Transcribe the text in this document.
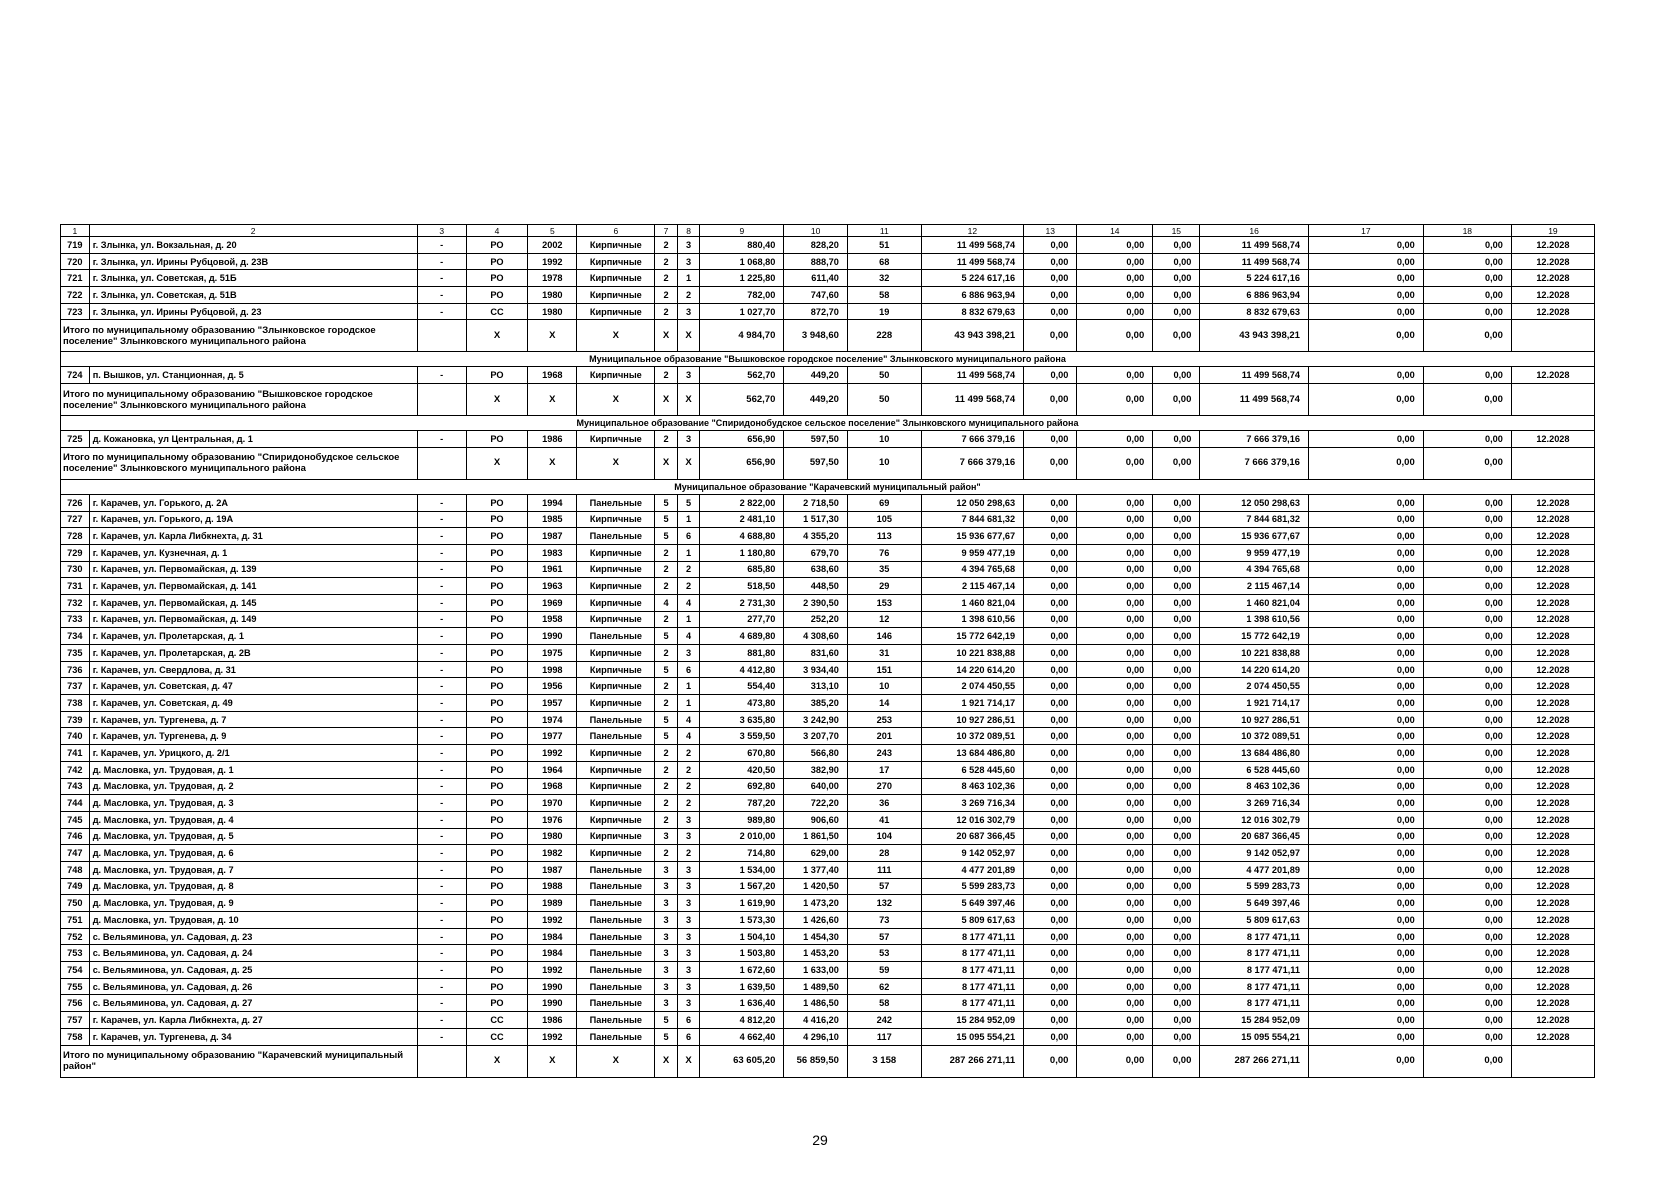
1	2	3	4	5	6	7	8	9	10	11	12	13	14	15	16	17	18	19
719	г. Злынка, ул. Вокзальная, д. 20	-	РО	2002	Кирпичные	2	3	880,40	828,20	51	11 499 568,74	0,00	0,00	0,00	11 499 568,74	0,00	0,00	12.2028
720	г. Злынка, ул. Ирины Рубцовой, д. 23В	-	РО	1992	Кирпичные	2	3	1 068,80	888,70	68	11 499 568,74	0,00	0,00	0,00	11 499 568,74	0,00	0,00	12.2028
721	г. Злынка, ул. Советская, д. 51Б	-	РО	1978	Кирпичные	2	1	1 225,80	611,40	32	5 224 617,16	0,00	0,00	0,00	5 224 617,16	0,00	0,00	12.2028
722	г. Злынка, ул. Советская, д. 51В	-	РО	1980	Кирпичные	2	2	782,00	747,60	58	6 886 963,94	0,00	0,00	0,00	6 886 963,94	0,00	0,00	12.2028
723	г. Злынка, ул. Ирины Рубцовой, д. 23	-	СС	1980	Кирпичные	2	3	1 027,70	872,70	19	8 832 679,63	0,00	0,00	0,00	8 832 679,63	0,00	0,00	12.2028
Итого по муниципальному образованию "Злынковское городское поселение" Злынковского муниципального района			X	X	X	X	X	4 984,70	3 948,60	228	43 943 398,21	0,00	0,00	0,00	43 943 398,21	0,00	0,00	
Муниципальное образование "Вышковское городское поселение" Злынковского муниципального района																		
724	п. Вышков, ул. Станционная, д. 5	-	РО	1968	Кирпичные	2	3	562,70	449,20	50	11 499 568,74	0,00	0,00	0,00	11 499 568,74	0,00	0,00	12.2028
Итого по муниципальному образованию "Вышковское городское поселение" Злынковского муниципального района			X	X	X	X	X	562,70	449,20	50	11 499 568,74	0,00	0,00	0,00	11 499 568,74	0,00	0,00	
Муниципальное образование "Спиридонобудское сельское поселение" Злынковского муниципального района																		
725	д. Кожановка, ул Центральная, д. 1	-	РО	1986	Кирпичные	2	3	656,90	597,50	10	7 666 379,16	0,00	0,00	0,00	7 666 379,16	0,00	0,00	12.2028
Итого по муниципальному образованию "Спиридонобудское сельское поселение" Злынковского муниципального района			X	X	X	X	X	656,90	597,50	10	7 666 379,16	0,00	0,00	0,00	7 666 379,16	0,00	0,00	
Муниципальное образование "Карачевский муниципальный район"																		
726	г. Карачев, ул. Горького, д. 2А	-	РО	1994	Панельные	5	5	2 822,00	2 718,50	69	12 050 298,63	0,00	0,00	0,00	12 050 298,63	0,00	0,00	12.2028
727	г. Карачев, ул. Горького, д. 19А	-	РО	1985	Кирпичные	5	1	2 481,10	1 517,30	105	7 844 681,32	0,00	0,00	0,00	7 844 681,32	0,00	0,00	12.2028
728	г. Карачев, ул. Карла Либкнехта, д. 31	-	РО	1987	Панельные	5	6	4 688,80	4 355,20	113	15 936 677,67	0,00	0,00	0,00	15 936 677,67	0,00	0,00	12.2028
729	г. Карачев, ул. Кузнечная, д. 1	-	РО	1983	Кирпичные	2	1	1 180,80	679,70	76	9 959 477,19	0,00	0,00	0,00	9 959 477,19	0,00	0,00	12.2028
730	г. Карачев, ул. Первомайская, д. 139	-	РО	1961	Кирпичные	2	2	685,80	638,60	35	4 394 765,68	0,00	0,00	0,00	4 394 765,68	0,00	0,00	12.2028
731	г. Карачев, ул. Первомайская, д. 141	-	РО	1963	Кирпичные	2	2	518,50	448,50	29	2 115 467,14	0,00	0,00	0,00	2 115 467,14	0,00	0,00	12.2028
732	г. Карачев, ул. Первомайская, д. 145	-	РО	1969	Кирпичные	4	4	2 731,30	2 390,50	153	1 460 821,04	0,00	0,00	0,00	1 460 821,04	0,00	0,00	12.2028
733	г. Карачев, ул. Первомайская, д. 149	-	РО	1958	Кирпичные	2	1	277,70	252,20	12	1 398 610,56	0,00	0,00	0,00	1 398 610,56	0,00	0,00	12.2028
734	г. Карачев, ул. Пролетарская, д. 1	-	РО	1990	Панельные	5	4	4 689,80	4 308,60	146	15 772 642,19	0,00	0,00	0,00	15 772 642,19	0,00	0,00	12.2028
735	г. Карачев, ул. Пролетарская, д. 2В	-	РО	1975	Кирпичные	2	3	881,80	831,60	31	10 221 838,88	0,00	0,00	0,00	10 221 838,88	0,00	0,00	12.2028
736	г. Карачев, ул. Свердлова, д. 31	-	РО	1998	Кирпичные	5	6	4 412,80	3 934,40	151	14 220 614,20	0,00	0,00	0,00	14 220 614,20	0,00	0,00	12.2028
737	г. Карачев, ул. Советская, д. 47	-	РО	1956	Кирпичные	2	1	554,40	313,10	10	2 074 450,55	0,00	0,00	0,00	2 074 450,55	0,00	0,00	12.2028
738	г. Карачев, ул. Советская, д. 49	-	РО	1957	Кирпичные	2	1	473,80	385,20	14	1 921 714,17	0,00	0,00	0,00	1 921 714,17	0,00	0,00	12.2028
739	г. Карачев, ул. Тургенева, д. 7	-	РО	1974	Панельные	5	4	3 635,80	3 242,90	253	10 927 286,51	0,00	0,00	0,00	10 927 286,51	0,00	0,00	12.2028
740	г. Карачев, ул. Тургенева, д. 9	-	РО	1977	Панельные	5	4	3 559,50	3 207,70	201	10 372 089,51	0,00	0,00	0,00	10 372 089,51	0,00	0,00	12.2028
741	г. Карачев, ул. Урицкого, д. 2/1	-	РО	1992	Кирпичные	2	2	670,80	566,80	243	13 684 486,80	0,00	0,00	0,00	13 684 486,80	0,00	0,00	12.2028
742	д. Масловка, ул. Трудовая, д. 1	-	РО	1964	Кирпичные	2	2	420,50	382,90	17	6 528 445,60	0,00	0,00	0,00	6 528 445,60	0,00	0,00	12.2028
743	д. Масловка, ул. Трудовая, д. 2	-	РО	1968	Кирпичные	2	2	692,80	640,00	270	8 463 102,36	0,00	0,00	0,00	8 463 102,36	0,00	0,00	12.2028
744	д. Масловка, ул. Трудовая, д. 3	-	РО	1970	Кирпичные	2	2	787,20	722,20	36	3 269 716,34	0,00	0,00	0,00	3 269 716,34	0,00	0,00	12.2028
745	д. Масловка, ул. Трудовая, д. 4	-	РО	1976	Кирпичные	2	3	989,80	906,60	41	12 016 302,79	0,00	0,00	0,00	12 016 302,79	0,00	0,00	12.2028
746	д. Масловка, ул. Трудовая, д. 5	-	РО	1980	Кирпичные	3	3	2 010,00	1 861,50	104	20 687 366,45	0,00	0,00	0,00	20 687 366,45	0,00	0,00	12.2028
747	д. Масловка, ул. Трудовая, д. 6	-	РО	1982	Кирпичные	2	2	714,80	629,00	28	9 142 052,97	0,00	0,00	0,00	9 142 052,97	0,00	0,00	12.2028
748	д. Масловка, ул. Трудовая, д. 7	-	РО	1987	Панельные	3	3	1 534,00	1 377,40	111	4 477 201,89	0,00	0,00	0,00	4 477 201,89	0,00	0,00	12.2028
749	д. Масловка, ул. Трудовая, д. 8	-	РО	1988	Панельные	3	3	1 567,20	1 420,50	57	5 599 283,73	0,00	0,00	0,00	5 599 283,73	0,00	0,00	12.2028
750	д. Масловка, ул. Трудовая, д. 9	-	РО	1989	Панельные	3	3	1 619,90	1 473,20	132	5 649 397,46	0,00	0,00	0,00	5 649 397,46	0,00	0,00	12.2028
751	д. Масловка, ул. Трудовая, д. 10	-	РО	1992	Панельные	3	3	1 573,30	1 426,60	73	5 809 617,63	0,00	0,00	0,00	5 809 617,63	0,00	0,00	12.2028
752	с. Вельяминова, ул. Садовая, д. 23	-	РО	1984	Панельные	3	3	1 504,10	1 454,30	57	8 177 471,11	0,00	0,00	0,00	8 177 471,11	0,00	0,00	12.2028
753	с. Вельяминова, ул. Садовая, д. 24	-	РО	1984	Панельные	3	3	1 503,80	1 453,20	53	8 177 471,11	0,00	0,00	0,00	8 177 471,11	0,00	0,00	12.2028
754	с. Вельяминова, ул. Садовая, д. 25	-	РО	1992	Панельные	3	3	1 672,60	1 633,00	59	8 177 471,11	0,00	0,00	0,00	8 177 471,11	0,00	0,00	12.2028
755	с. Вельяминова, ул. Садовая, д. 26	-	РО	1990	Панельные	3	3	1 639,50	1 489,50	62	8 177 471,11	0,00	0,00	0,00	8 177 471,11	0,00	0,00	12.2028
756	с. Вельяминова, ул. Садовая, д. 27	-	РО	1990	Панельные	3	3	1 636,40	1 486,50	58	8 177 471,11	0,00	0,00	0,00	8 177 471,11	0,00	0,00	12.2028
757	г. Карачев, ул. Карла Либкнехта, д. 27	-	СС	1986	Панельные	5	6	4 812,20	4 416,20	242	15 284 952,09	0,00	0,00	0,00	15 284 952,09	0,00	0,00	12.2028
758	г. Карачев, ул. Тургенева, д. 34	-	СС	1992	Панельные	5	6	4 662,40	4 296,10	117	15 095 554,21	0,00	0,00	0,00	15 095 554,21	0,00	0,00	12.2028
Итого по муниципальному образованию "Карачевский муниципальный район"			X	X	X	X	X	63 605,20	56 859,50	3 158	287 266 271,11	0,00	0,00	0,00	287 266 271,11	0,00	0,00	
29
